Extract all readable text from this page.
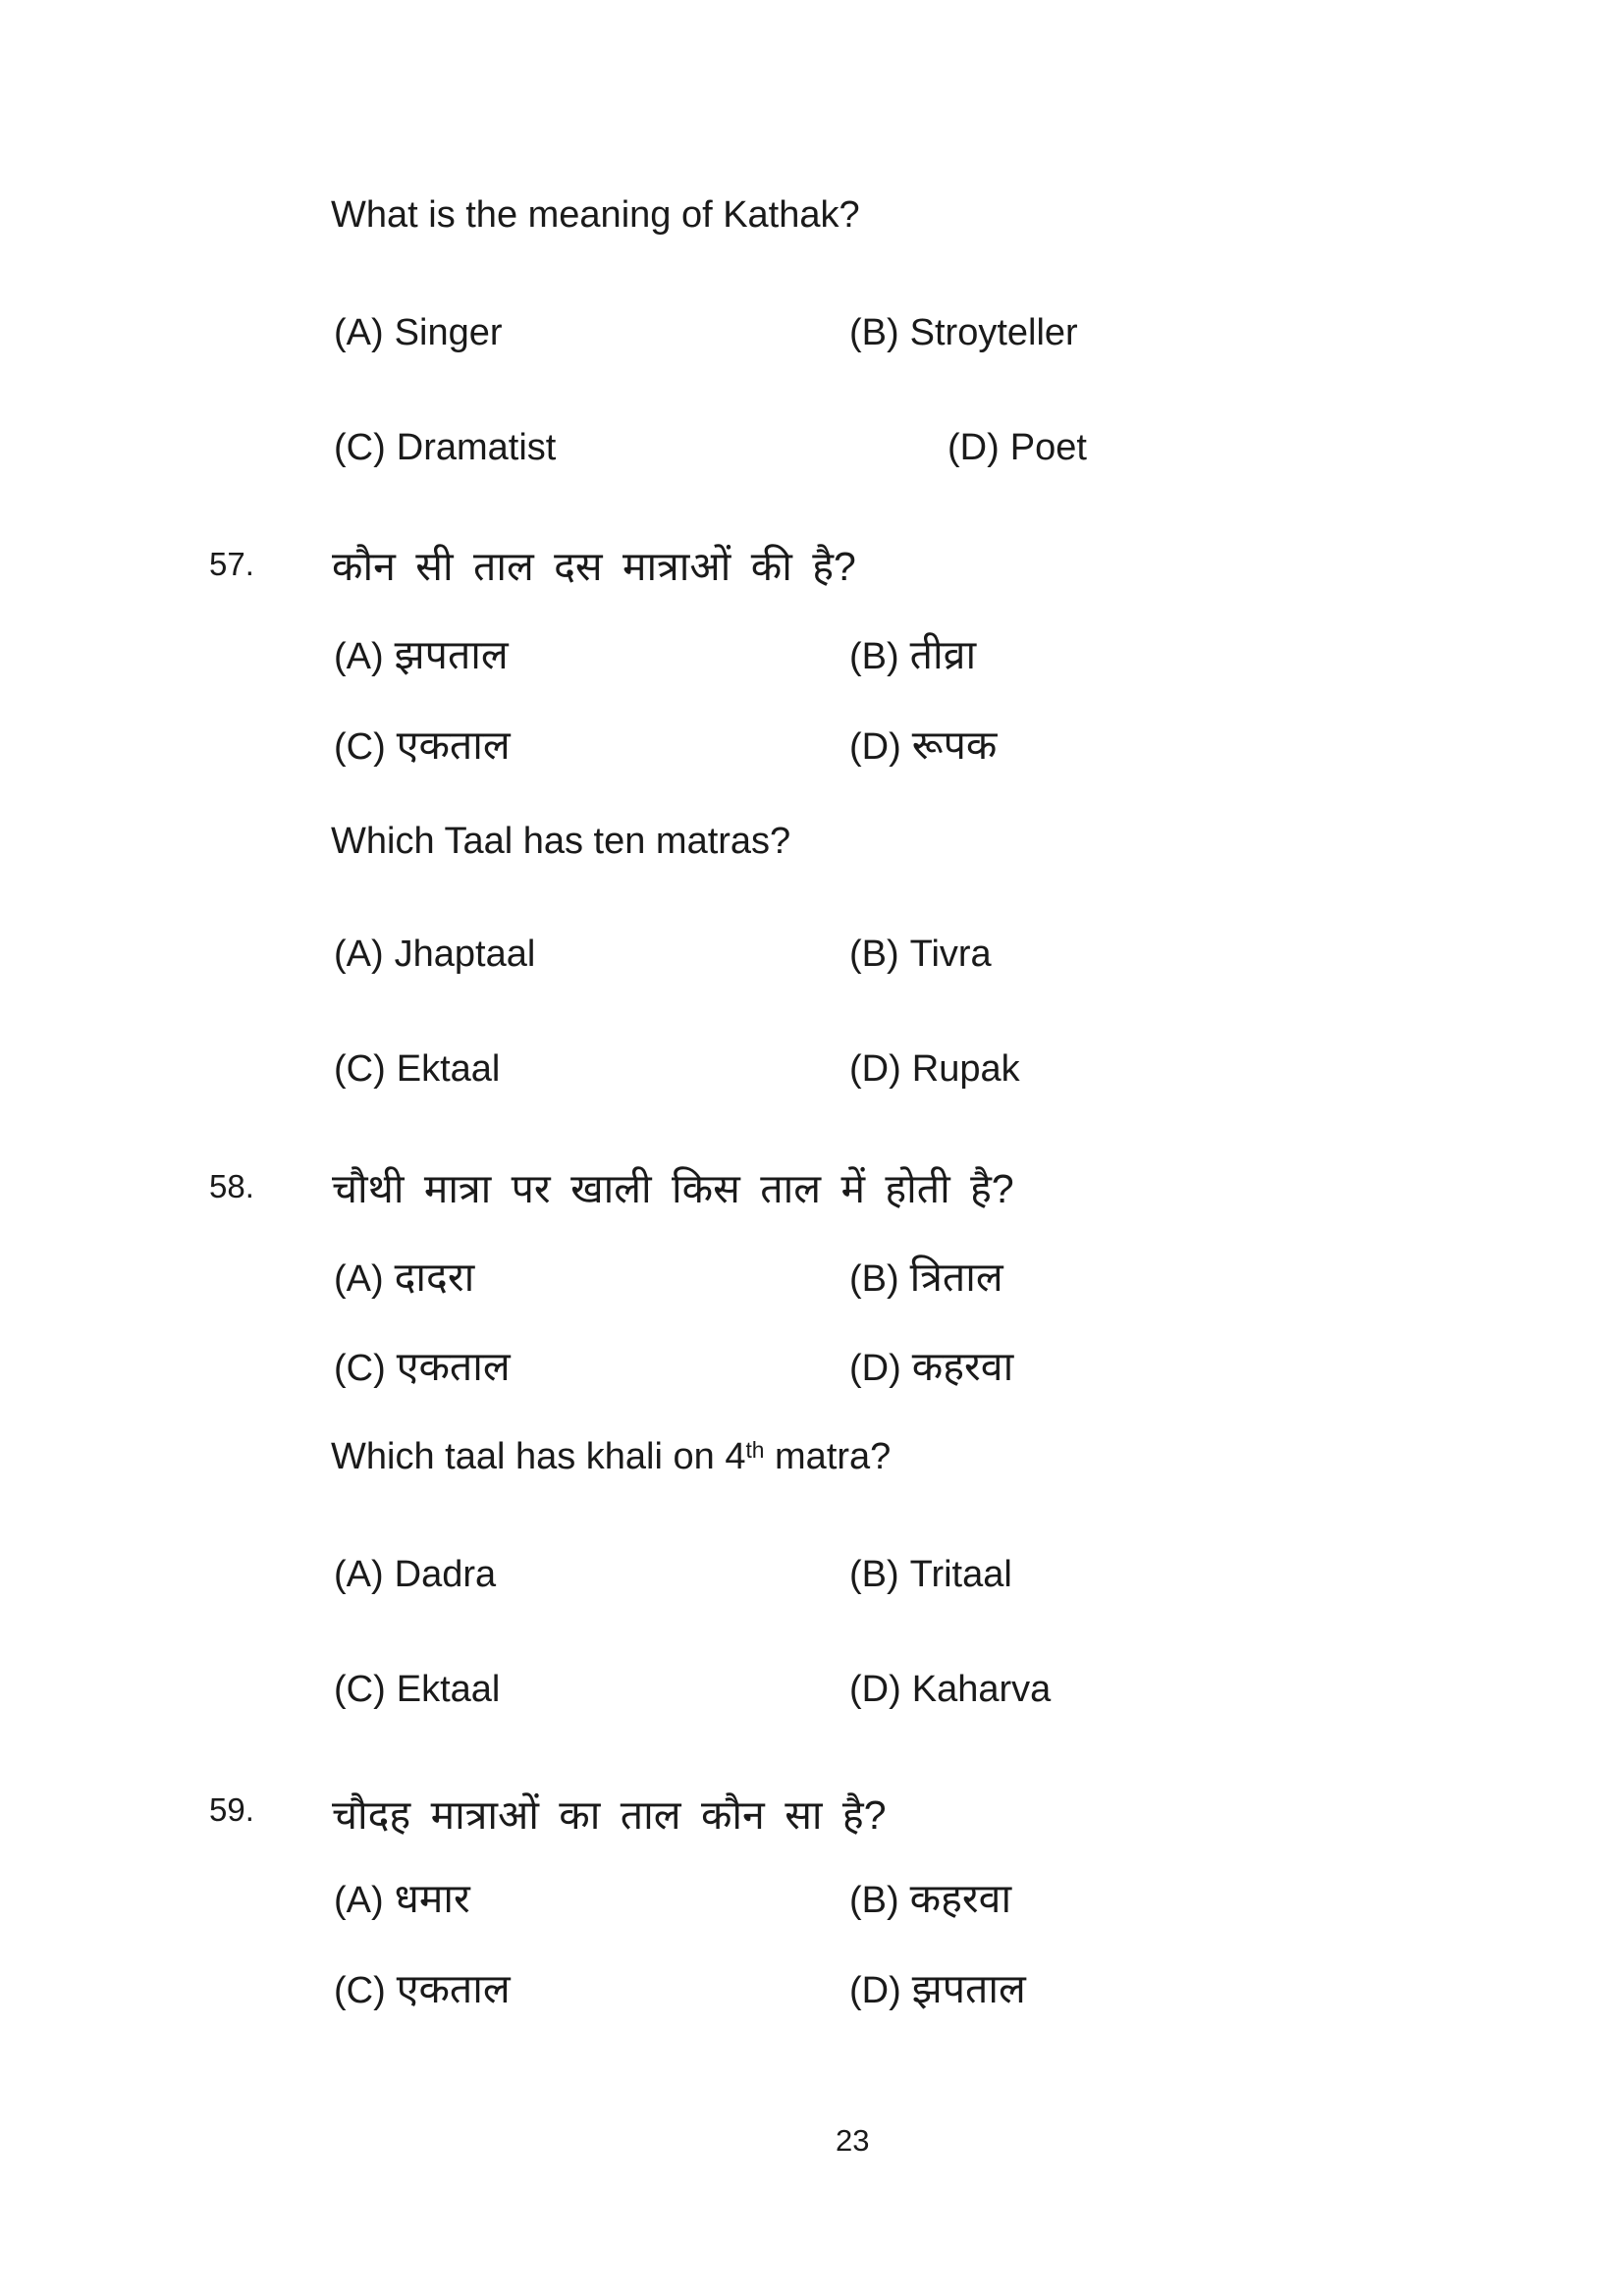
What is the meaning of Kathak?
(A) Singer	(B) Stroyteller
(C) Dramatist	(D) Poet
57. कौन सी ताल दस मात्राओं की है?
(A) झपताल	(B) तीव्रा
(C) एकताल	(D) रूपक
Which Taal has ten matras?
(A) Jhaptaal	(B) Tivra
(C) Ektaal	(D) Rupak
58. चौथी मात्रा पर खाली किस ताल में होती है?
(A) दादरा	(B) त्रिताल
(C) एकताल	(D) कहरवा
Which taal has khali on 4th matra?
(A) Dadra	(B) Tritaal
(C) Ektaal	(D) Kaharva
59. चौदह मात्राओं का ताल कौन सा है?
(A) धमार	(B) कहरवा
(C) एकताल	(D) झपताल
23
